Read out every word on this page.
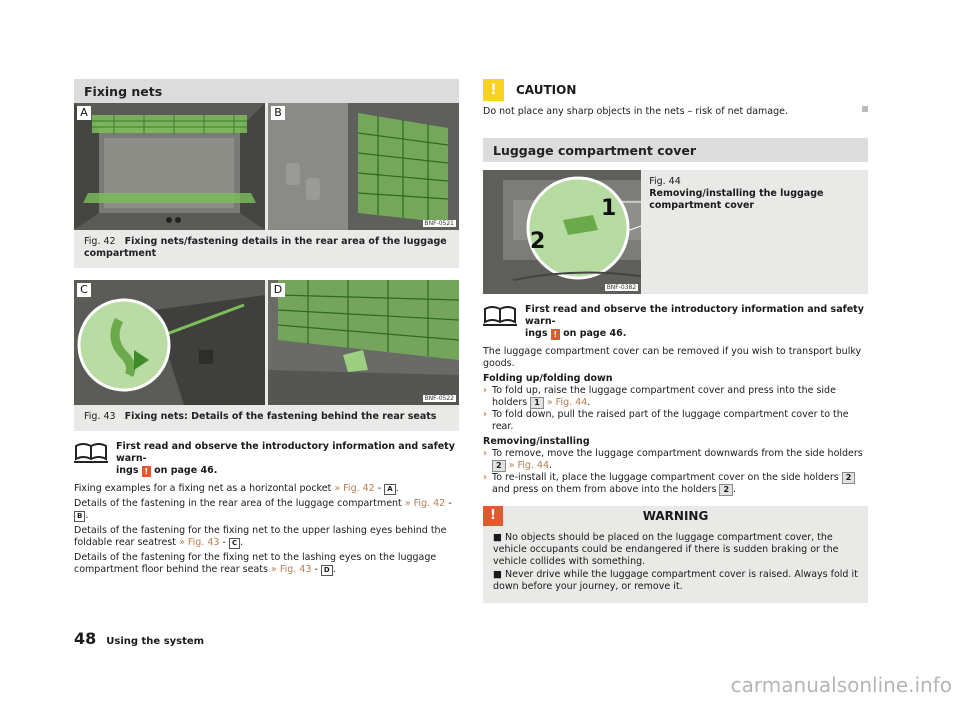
Fixing nets
A	B
BNF-0521
Fig. 42 Fixing nets/fastening details in the rear area of the luggage compartment
C	D
BNF-0522
Fig. 43 Fixing nets: Details of the fastening behind the rear seats
First read and observe the introductory information and safety warn-
ings ! on page 46.

Fixing examples for a fixing net as a horizontal pocket » Fig. 42 - A .

Details of the fastening in the rear area of the luggage compartment » Fig. 42 - B .

Details of the fastening for the fixing net to the upper lashing eyes behind the foldable rear seatrest » Fig. 43 - C .

Details of the fastening for the fixing net to the lashing eyes on the luggage compartment floor behind the rear seats » Fig. 43 - D .

!	CAUTION
Do not place any sharp objects in the nets – risk of net damage.
Luggage compartment cover
1
2
BNF-0382
Fig. 44
Removing/installing the luggage compartment cover
First read and observe the introductory information and safety warn-
ings ! on page 46.

The luggage compartment cover can be removed if you wish to transport bulky goods.

Folding up/folding down

› To fold up, raise the luggage compartment cover and press into the side holders 1 » Fig. 44.
› To fold down, pull the raised part of the luggage compartment cover to the rear.

Removing/installing

› To remove, move the luggage compartment downwards from the side holders 2 » Fig. 44.
› To re-install it, place the luggage compartment cover on the side holders 2 and press on them from above into the holders 2 .
!	WARNING
■ No objects should be placed on the luggage compartment cover, the vehicle occupants could be endangered if there is sudden braking or the vehicle collides with something.
■ Never drive while the luggage compartment cover is raised. Always fold it down before your journey, or remove it.
48 Using the system
carmanualsonline.info
